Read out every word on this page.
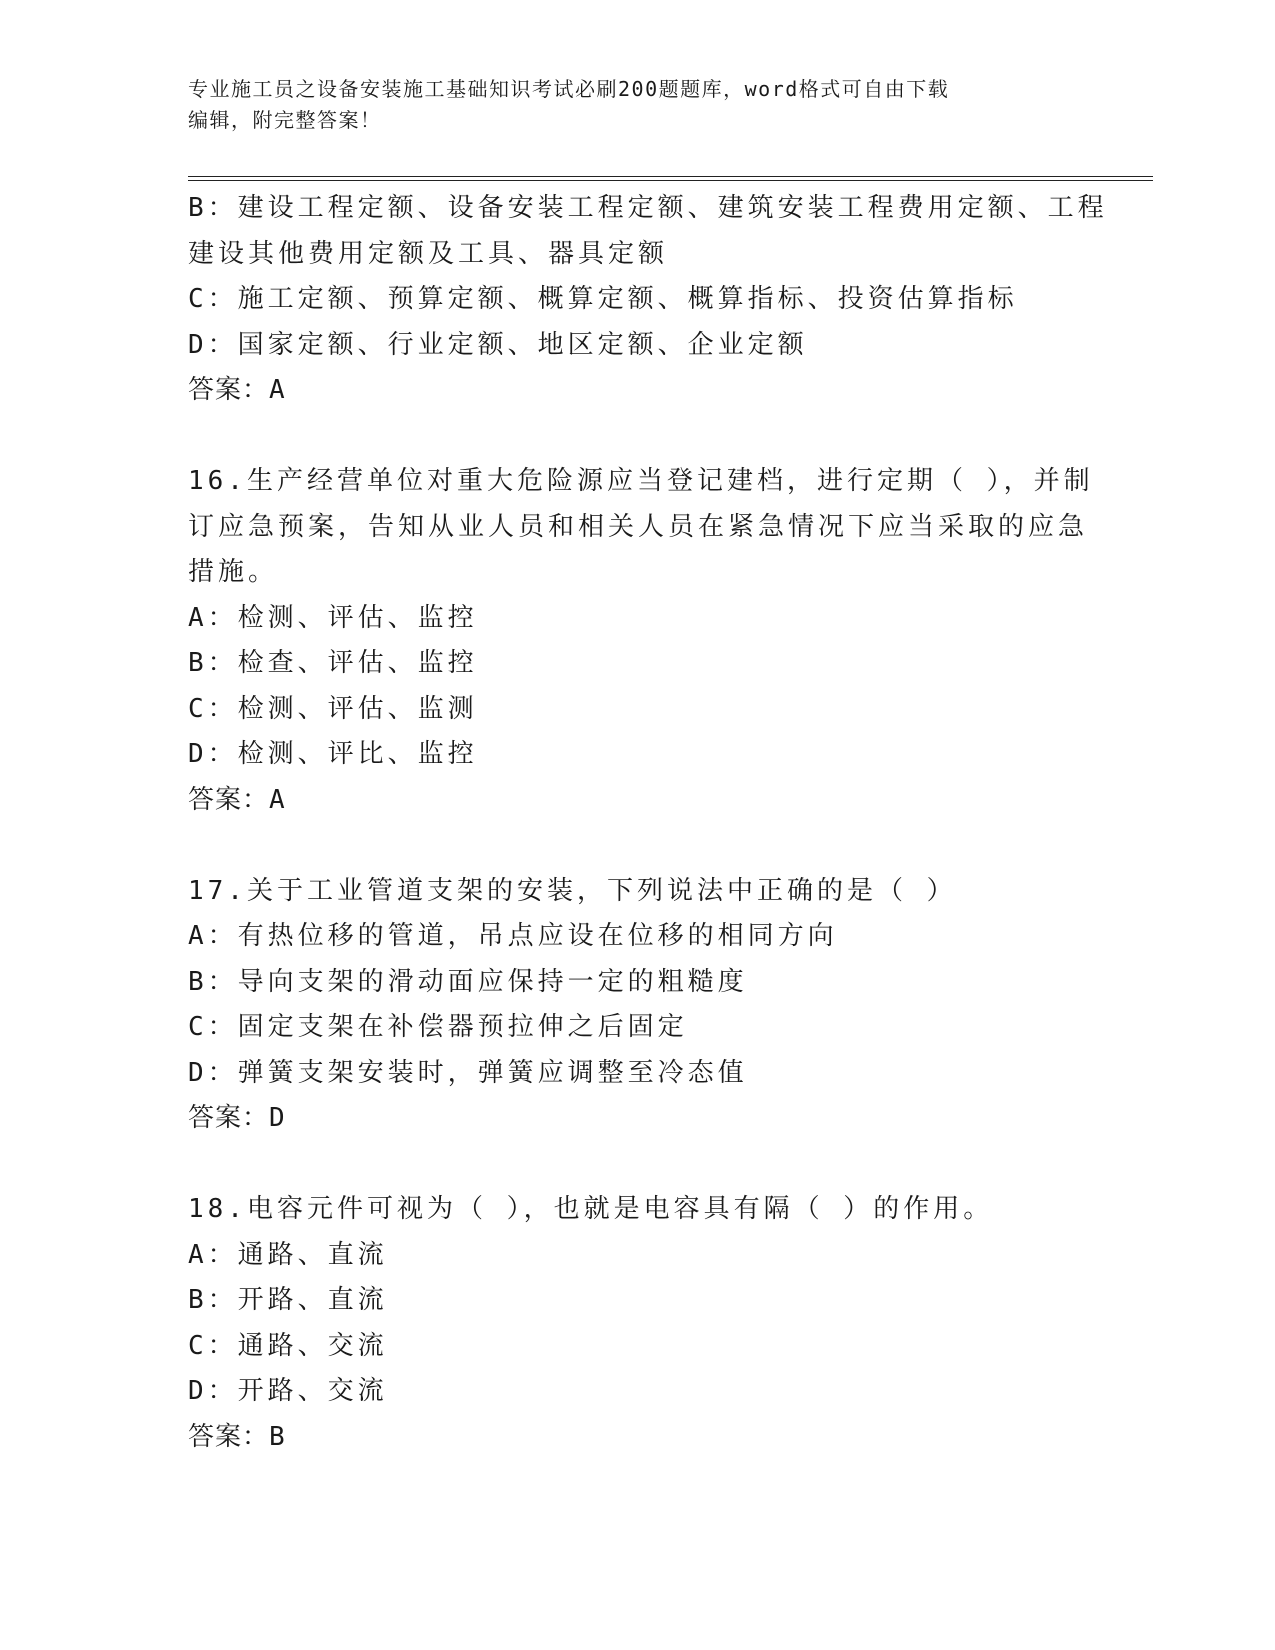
专业施工员之设备安装施工基础知识考试必刷200题题库，word格式可自由下载
编辑，附完整答案！
B：建设工程定额、设备安装工程定额、建筑安装工程费用定额、工程
建设其他费用定额及工具、器具定额
C：施工定额、预算定额、概算定额、概算指标、投资估算指标
D：国家定额、行业定额、地区定额、企业定额
答案：A
16.生产经营单位对重大危险源应当登记建档，进行定期（ ），并制
订应急预案，告知从业人员和相关人员在紧急情况下应当采取的应急
措施。
A：检测、评估、监控
B：检查、评估、监控
C：检测、评估、监测
D：检测、评比、监控
答案：A
17.关于工业管道支架的安装，下列说法中正确的是（ ）
A：有热位移的管道，吊点应设在位移的相同方向
B：导向支架的滑动面应保持一定的粗糙度
C：固定支架在补偿器预拉伸之后固定
D：弹簧支架安装时，弹簧应调整至冷态值
答案：D
18.电容元件可视为（ ），也就是电容具有隔（ ）的作用。
A：通路、直流
B：开路、直流
C：通路、交流
D：开路、交流
答案：B
